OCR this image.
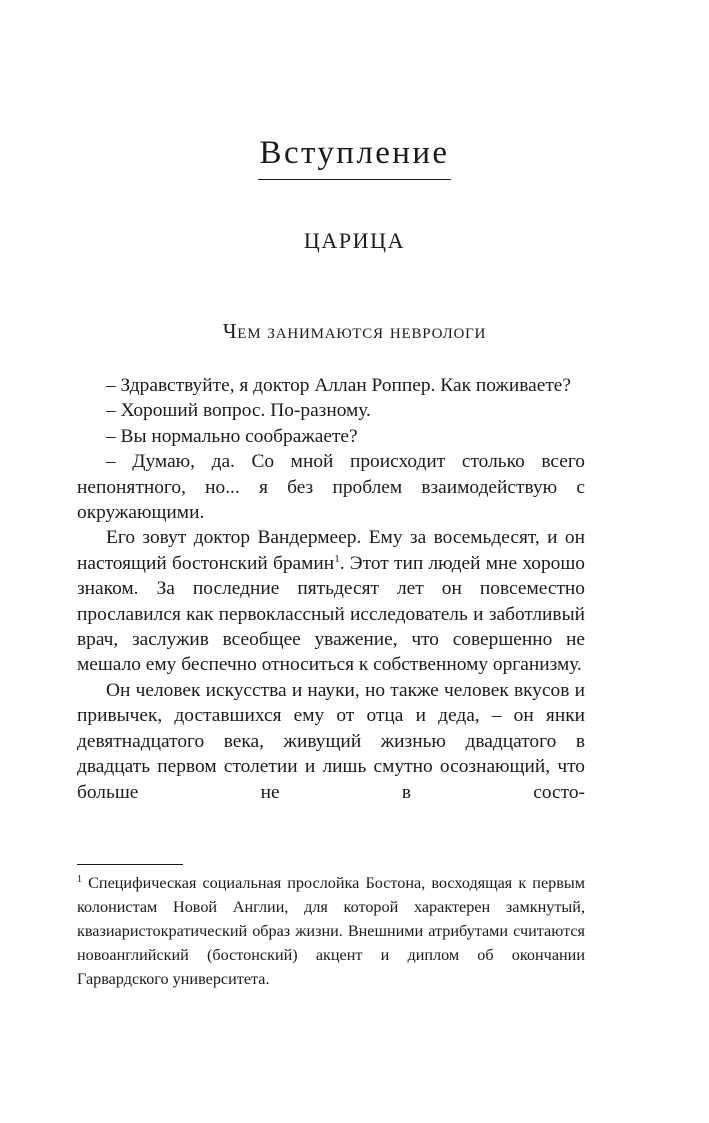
Вступление
ЦАРИЦА
Чем занимаются неврологи

– Здравствуйте, я доктор Аллан Роппер. Как поживаете?

– Хороший вопрос. По-разному.

– Вы нормально соображаете?

– Думаю, да. Со мной происходит столько всего непонятного, но... я без проблем взаимодействую с окружающими.

Его зовут доктор Вандермеер. Ему за восемьдесят, и он настоящий бостонский брамин$^1$. Этот тип людей мне хорошо знаком. За последние пятьдесят лет он повсеместно прославился как первоклассный исследователь и заботливый врач, заслужив всеобщее уважение, что совершенно не мешало ему беспечно относиться к собственному организму.

Он человек искусства и науки, но также человек вкусов и привычек, доставшихся ему от отца и деда, – он янки девятнадцатого века, живущий жизнью двадцатого в двадцать первом столетии и лишь смутно осознающий, что больше не в состо-

$^1$ Специфическая социальная прослойка Бостона, восходящая к первым колонистам Новой Англии, для которой характерен замкнутый, квазиаристократический образ жизни. Внешними атрибутами считаются новоанглийский (бостонский) акцент и диплом об окончании Гарвардского университета.
